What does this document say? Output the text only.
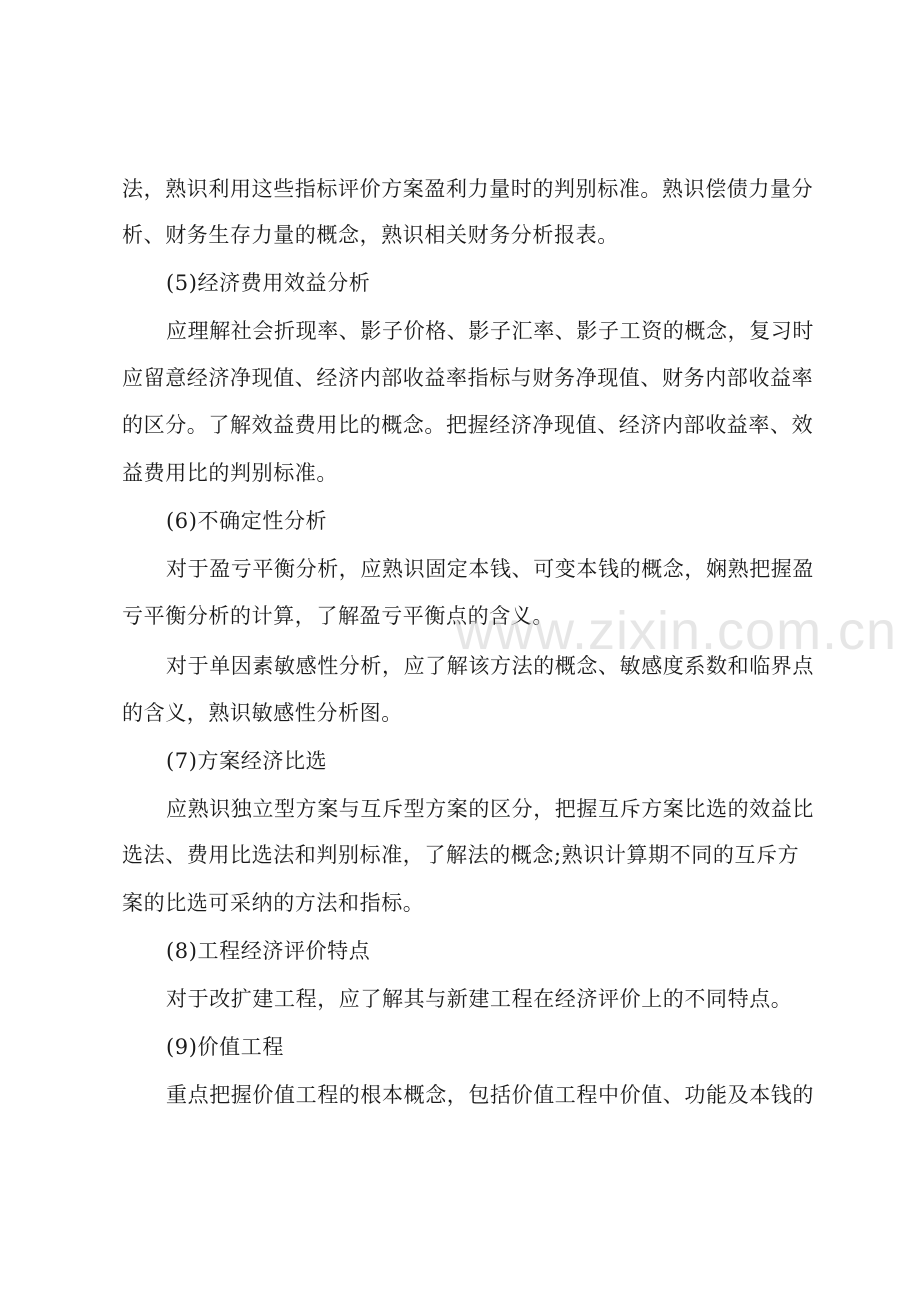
法，熟识利用这些指标评价方案盈利力量时的判别标准。熟识偿债力量分
析、财务生存力量的概念，熟识相关财务分析报表。
(5)经济费用效益分析
应理解社会折现率、影子价格、影子汇率、影子工资的概念，复习时
应留意经济净现值、经济内部收益率指标与财务净现值、财务内部收益率
的区分。了解效益费用比的概念。把握经济净现值、经济内部收益率、效
益费用比的判别标准。
(6)不确定性分析
对于盈亏平衡分析，应熟识固定本钱、可变本钱的概念，娴熟把握盈
亏平衡分析的计算，了解盈亏平衡点的含义。
对于单因素敏感性分析，应了解该方法的概念、敏感度系数和临界点
的含义，熟识敏感性分析图。
(7)方案经济比选
应熟识独立型方案与互斥型方案的区分，把握互斥方案比选的效益比
选法、费用比选法和判别标准，了解法的概念;熟识计算期不同的互斥方
案的比选可采纳的方法和指标。
(8)工程经济评价特点
对于改扩建工程，应了解其与新建工程在经济评价上的不同特点。
(9)价值工程
重点把握价值工程的根本概念，包括价值工程中价值、功能及本钱的
www.zixin.com.cn
